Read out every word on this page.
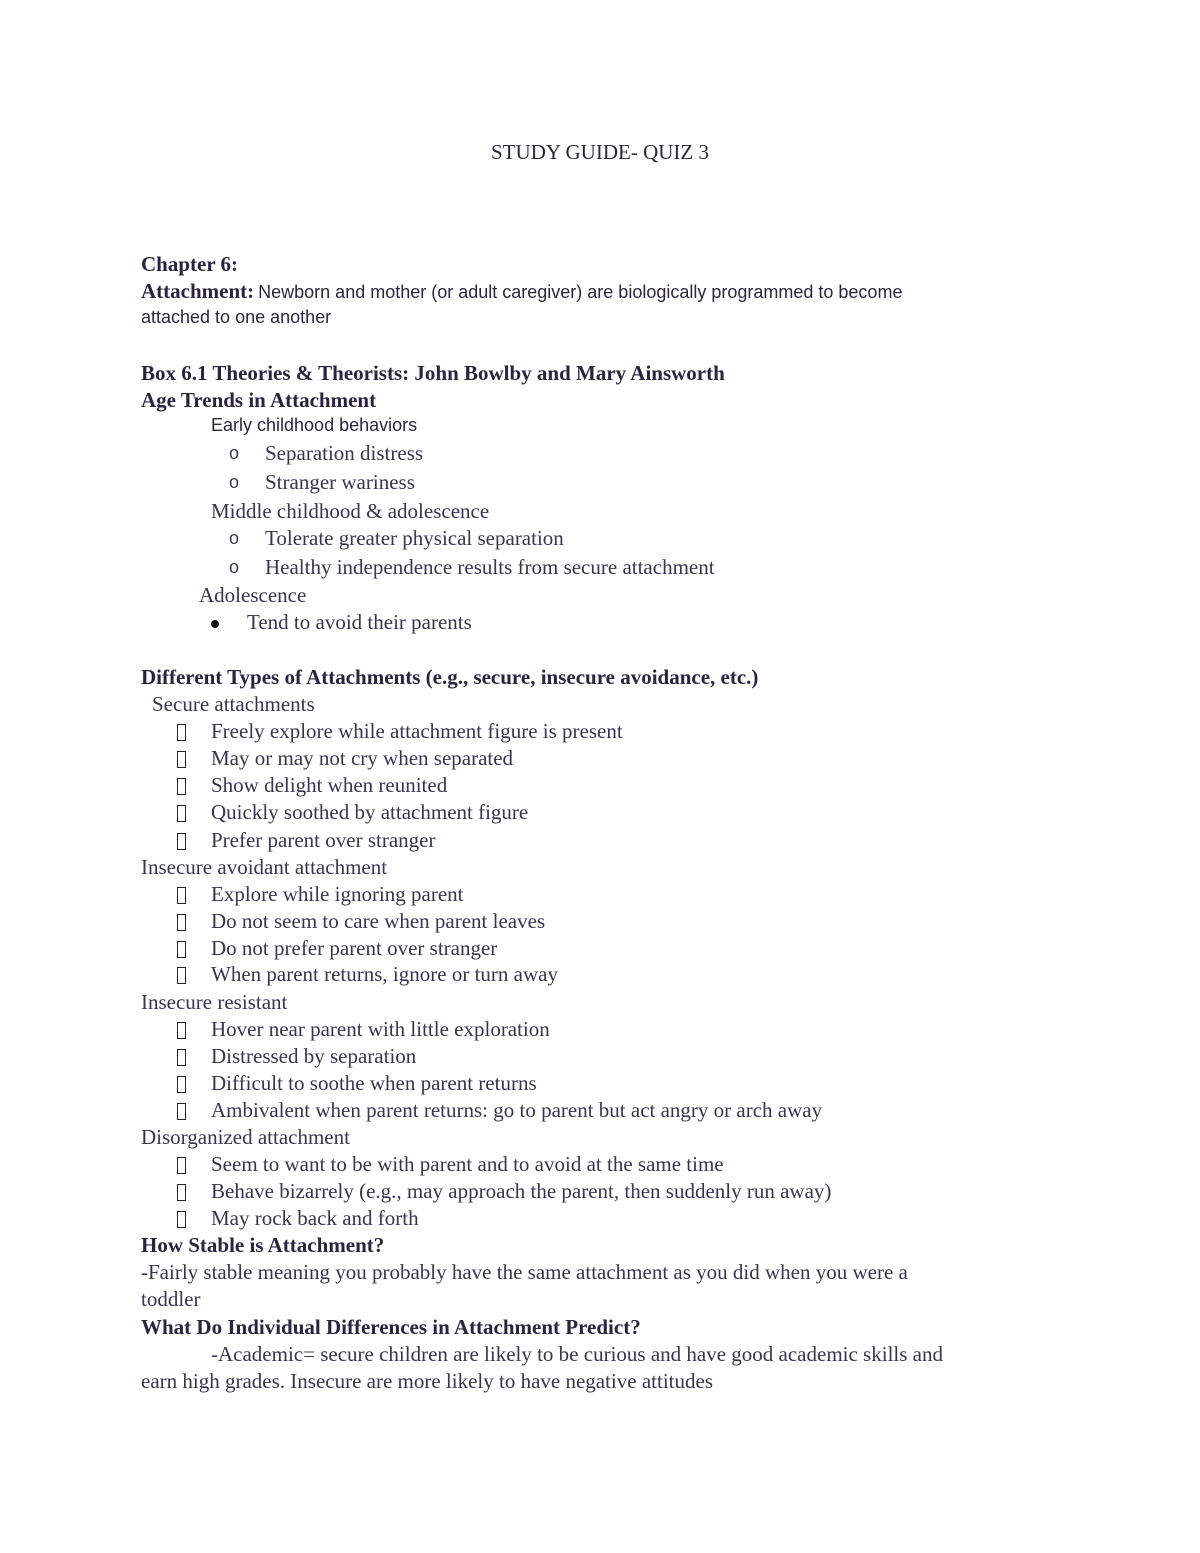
STUDY GUIDE- QUIZ 3
Chapter 6:
Attachment: Newborn and mother (or adult caregiver) are biologically programmed to become
attached to one another
Box 6.1 Theories & Theorists: John Bowlby and Mary Ainsworth
Age Trends in Attachment
Early childhood behaviors
o Separation distress
o Stranger wariness
Middle childhood & adolescence
o Tolerate greater physical separation
o Healthy independence results from secure attachment
Adolescence
Tend to avoid their parents
Different Types of Attachments (e.g., secure, insecure avoidance, etc.)
Secure attachments
Freely explore while attachment figure is present
May or may not cry when separated
Show delight when reunited
Quickly soothed by attachment figure
Prefer parent over stranger
Insecure avoidant attachment
Explore while ignoring parent
Do not seem to care when parent leaves
Do not prefer parent over stranger
When parent returns, ignore or turn away
Insecure resistant
Hover near parent with little exploration
Distressed by separation
Difficult to soothe when parent returns
Ambivalent when parent returns: go to parent but act angry or arch away
Disorganized attachment
Seem to want to be with parent and to avoid at the same time
Behave bizarrely (e.g., may approach the parent, then suddenly run away)
May rock back and forth
How Stable is Attachment?
-Fairly stable meaning you probably have the same attachment as you did when you were a
toddler
What Do Individual Differences in Attachment Predict?
-Academic= secure children are likely to be curious and have good academic skills and
earn high grades. Insecure are more likely to have negative attitudes
